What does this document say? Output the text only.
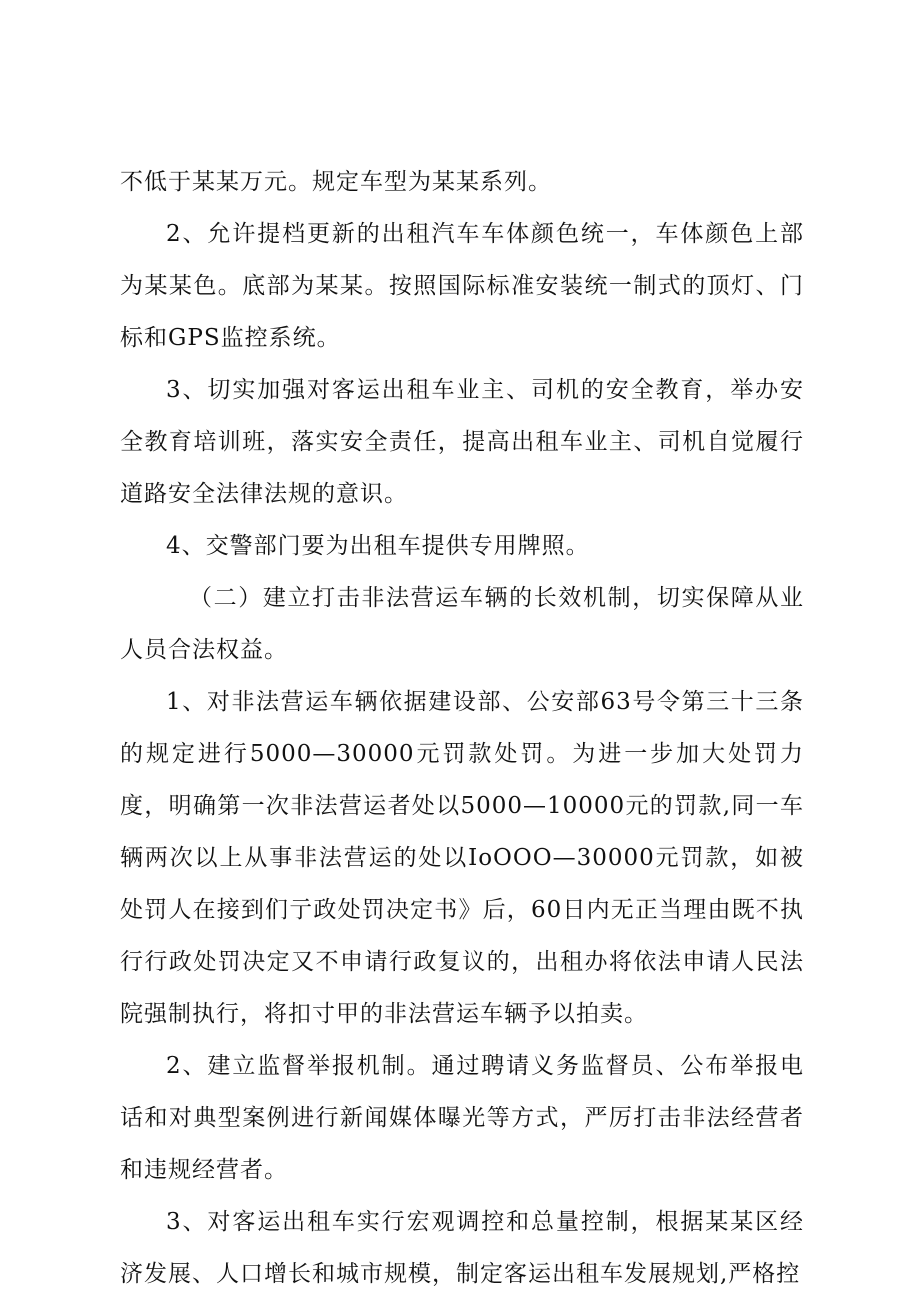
不低于某某万元。规定车型为某某系列。

2、允许提档更新的出租汽车车体颜色统一，车体颜色上部为某某色。底部为某某。按照国际标准安装统一制式的顶灯、门标和GPS监控系统。

3、切实加强对客运出租车业主、司机的安全教育，举办安全教育培训班，落实安全责任，提高出租车业主、司机自觉履行道路安全法律法规的意识。

4、交警部门要为出租车提供专用牌照。

（二）建立打击非法营运车辆的长效机制，切实保障从业人员合法权益。

1、对非法营运车辆依据建设部、公安部63号令第三十三条的规定进行5000—30000元罚款处罚。为进一步加大处罚力度，明确第一次非法营运者处以5000—10000元的罚款,同一车辆两次以上从事非法营运的处以IoOOO—30000元罚款，如被处罚人在接到们亍政处罚决定书》后，60日内无正当理由既不执行行政处罚决定又不申请行政复议的，出租办将依法申请人民法院强制执行，将扣寸甲的非法营运车辆予以拍卖。

2、建立监督举报机制。通过聘请义务监督员、公布举报电话和对典型案例进行新闻媒体曝光等方式，严厉打击非法经营者和违规经营者。

3、对客运出租车实行宏观调控和总量控制，根据某某区经济发展、人口增长和城市规模，制定客运出租车发展规划,严格控
